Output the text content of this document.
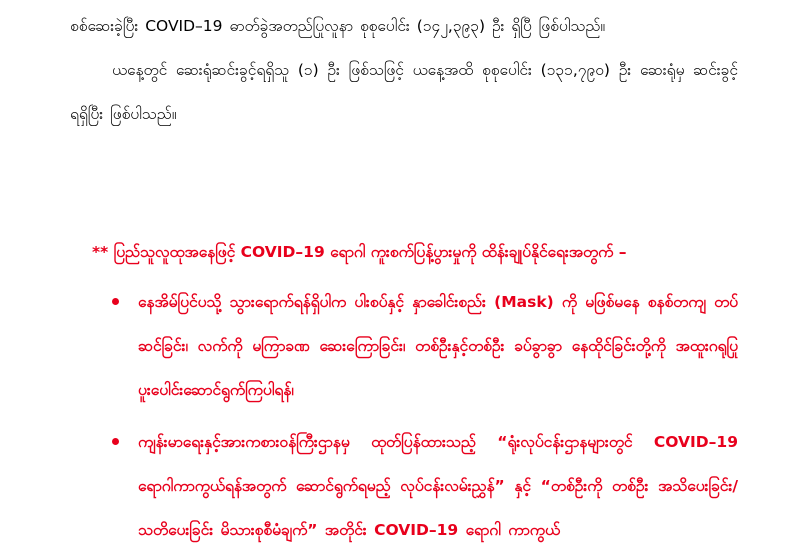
စစ်ဆေးခဲ့ပြီး COVID–19 ဓာတ်ခွဲအတည်ပြုလူနာ စုစုပေါင်း (၁၄၂,၃၉၃) ဦး ရှိပြီ ဖြစ်ပါသည်။

ယနေ့တွင် ဆေးရုံဆင်းခွင့်ရရှိသူ (၁) ဦး ဖြစ်သဖြင့် ယနေ့အထိ စုစုပေါင်း (၁၃၁,၇၉၀) ဦး ဆေးရုံမှ ဆင်းခွင့် ရရှိပြီး ဖြစ်ပါသည်။

** ပြည်သူလူထုအနေဖြင့် COVID–19 ရောဂါ ကူးစက်ပြန့်ပွားမှုကို ထိန်းချုပ်နိုင်ရေးအတွက် –

နေအိမ်ပြင်ပသို့ သွားရောက်ရန်ရှိပါက ပါးစပ်နှင့် နှာခေါင်းစည်း (Mask) ကို မဖြစ်မနေ စနစ်တကျ တပ်ဆင်ခြင်း၊ လက်ကို မကြာခဏ ဆေးကြောခြင်း၊ တစ်ဦးနှင့်တစ်ဦး ခပ်ခွာခွာ နေထိုင်ခြင်းတို့ကို အထူးဂရုပြု ပူးပေါင်းဆောင်ရွက်ကြပါရန်၊
ကျန်းမာရေးနှင့်အားကစားဝန်ကြီးဌာနမှ ထုတ်ပြန်ထားသည့် “ရုံးလုပ်ငန်းဌာနများတွင် COVID–19 ရောဂါကာကွယ်ရန်အတွက် ဆောင်ရွက်ရမည့် လုပ်ငန်းလမ်းညွှန်” နှင့် “တစ်ဦးကို တစ်ဦး အသိပေးခြင်း/ သတိပေးခြင်း မိသားစုစီမံချက်” အတိုင်း COVID–19 ရောဂါ ကာကွယ်
